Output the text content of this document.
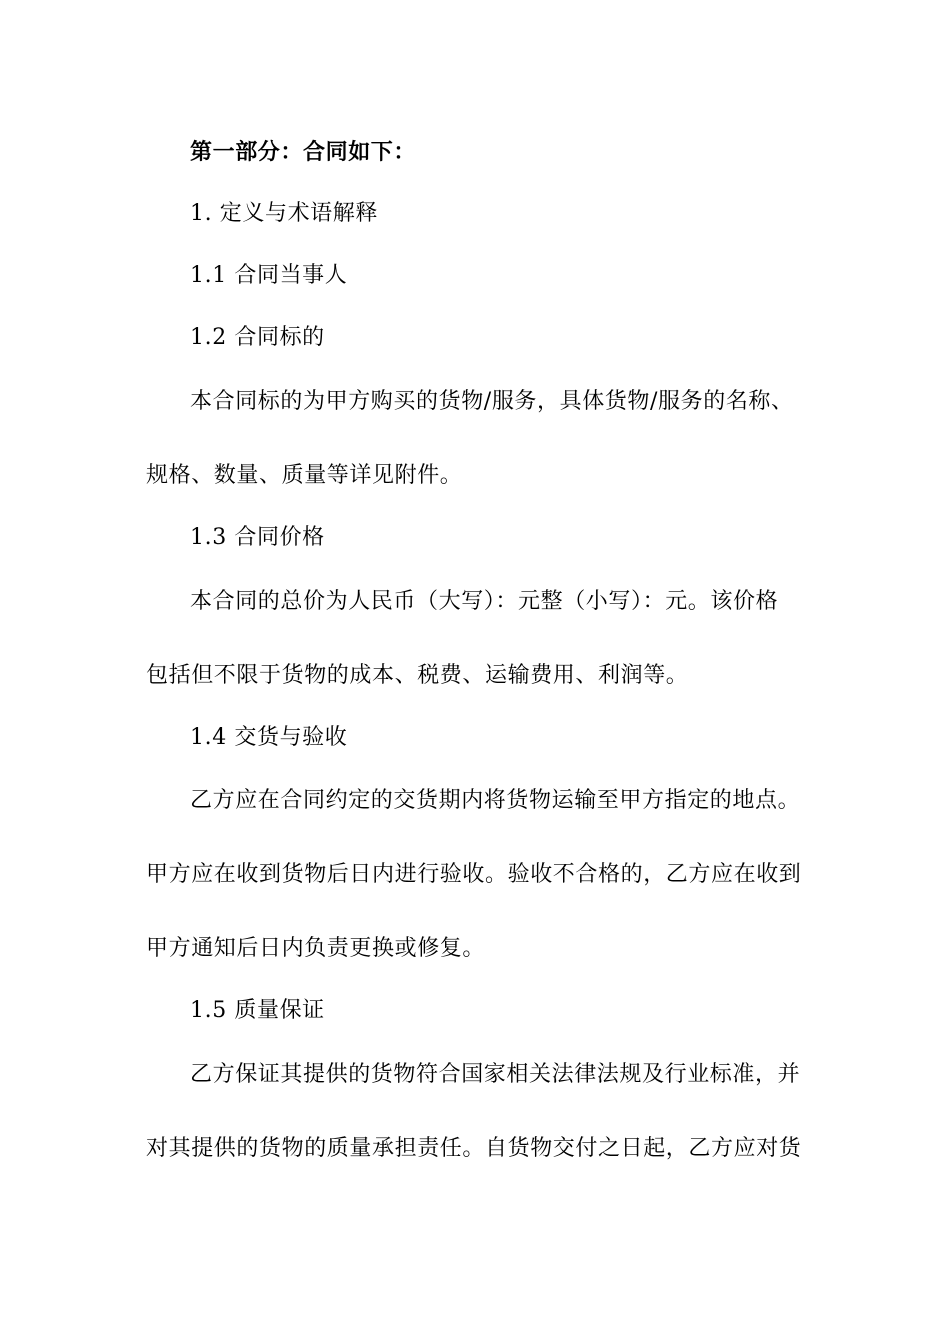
第一部分：合同如下：
1. 定义与术语解释
1.1 合同当事人
1.2 合同标的
本合同标的为甲方购买的货物/服务，具体货物/服务的名称、
规格、数量、质量等详见附件。
1.3 合同价格
本合同的总价为人民币（大写）：元整（小写）：元。该价格
包括但不限于货物的成本、税费、运输费用、利润等。
1.4 交货与验收
乙方应在合同约定的交货期内将货物运输至甲方指定的地点。
甲方应在收到货物后日内进行验收。验收不合格的，乙方应在收到
甲方通知后日内负责更换或修复。
1.5 质量保证
乙方保证其提供的货物符合国家相关法律法规及行业标准，并
对其提供的货物的质量承担责任。自货物交付之日起，乙方应对货
